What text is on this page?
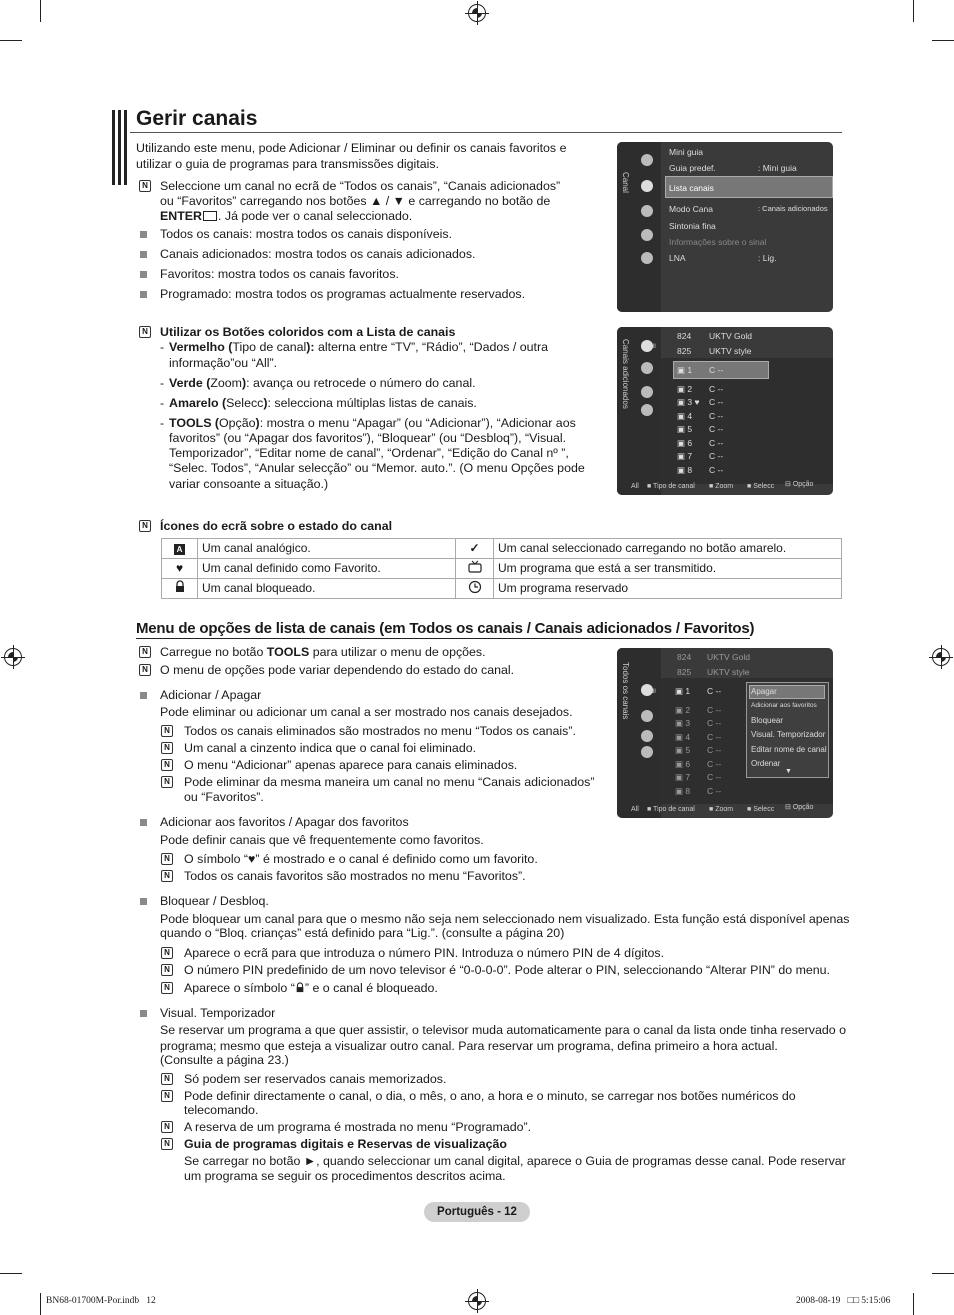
Gerir canais
Utilizando este menu, pode Adicionar / Eliminar ou definir os canais favoritos e
utilizar o guia de programas para transmissões digitais.
N
Seleccione um canal no ecrã de “Todos os canais”, “Canais adicionados”
ou “Favoritos” carregando nos botões ▲ / ▼ e carregando no botão de
ENTER . Já pode ver o canal seleccionado.
Todos os canais: mostra todos os canais disponíveis.
Canais adicionados: mostra todos os canais adicionados.
Favoritos: mostra todos os canais favoritos.
Programado: mostra todos os programas actualmente reservados.
Canal
Mini guia
Guia predef.	: Mini guia
Lista canais
Modo Cana	: Canais adicionados
Sintonia fina
Informações sobre o sinal
LNA	: Lig.
N
Utilizar os Botões coloridos com a Lista de canais
- Vermelho (Tipo de canal): alterna entre “TV”, “Rádio”, “Dados / outra
informação”ou “All”.
- Verde (Zoom): avança ou retrocede o número do canal.
- Amarelo (Selecc): selecciona múltiplas listas de canais.
- TOOLS (Opção): mostra o menu “Apagar” (ou “Adicionar”), “Adicionar aos
favoritos” (ou “Apagar dos favoritos”), “Bloquear” (ou “Desbloq”), “Visual.
Temporizador”, “Editar nome de canal”, “Ordenar”, “Edição do Canal nº ”,
“Selec. Todos”, “Anular selecção” ou “Memor. auto.”. (O menu Opções pode
variar consoante a situação.)
Canais adicionados	All
824 UKTV Gold
825 UKTV style
▣ 1 C --
▣ 2 C --
▣ 3 ♥ C --
▣ 4 C --
▣ 5 C --
▣ 6 C --
▣ 7 C --
▣ 8 C --
All ■ Tipo de canal ■ Zoom ■ Selecc ⊟ Opção
N
Ícones do ecrã sobre o estado do canal
A	Um canal analógico.	✓	Um canal seleccionado carregando no botão amarelo.
♥	Um canal definido como Favorito.		Um programa que está a ser transmitido.
	Um canal bloqueado.		Um programa reservado
Menu de opções de lista de canais (em Todos os canais / Canais adicionados / Favoritos)
N
Carregue no botão TOOLS para utilizar o menu de opções.
N
O menu de opções pode variar dependendo do estado do canal.
Adicionar / Apagar
Pode eliminar ou adicionar um canal a ser mostrado nos canais desejados.
N
Todos os canais eliminados são mostrados no menu “Todos os canais”.
N
Um canal a cinzento indica que o canal foi eliminado.
N
O menu “Adicionar” apenas aparece para canais eliminados.
N
Pode eliminar da mesma maneira um canal no menu “Canais adicionados”
ou “Favoritos”.
Todos os canais	All
824 UKTV Gold
825 UKTV style
▣ 1 C --
▣ 2 C --
▣ 3 C --
▣ 4 C --
▣ 5 C --
▣ 6 C --
▣ 7 C --
▣ 8 C --
Apagar
Adicionar aos favoritos
Bloquear
Visual. Temporizador
Editar nome de canal
Ordenar
▼
All ■ Tipo de canal ■ Zoom ■ Selecc ⊟ Opção
Adicionar aos favoritos / Apagar dos favoritos
Pode definir canais que vê frequentemente como favoritos.
N
O símbolo “♥” é mostrado e o canal é definido como um favorito.
N
Todos os canais favoritos são mostrados no menu “Favoritos”.
Bloquear / Desbloq.
Pode bloquear um canal para que o mesmo não seja nem seleccionado nem visualizado. Esta função está disponível apenas
quando o “Bloq. crianças” está definido para “Lig.”. (consulte a página 20)
N
Aparece o ecrã para que introduza o número PIN. Introduza o número PIN de 4 dígitos.
N
O número PIN predefinido de um novo televisor é “0-0-0-0”. Pode alterar o PIN, seleccionando “Alterar PIN” do menu.
N
Aparece o símbolo “ ” e o canal é bloqueado.
Visual. Temporizador
Se reservar um programa a que quer assistir, o televisor muda automaticamente para o canal da lista onde tinha reservado o
programa; mesmo que esteja a visualizar outro canal. Para reservar um programa, defina primeiro a hora actual.
(Consulte a página 23.)
N
Só podem ser reservados canais memorizados.
N
Pode definir directamente o canal, o dia, o mês, o ano, a hora e o minuto, se carregar nos botões numéricos do
telecomando.
N
A reserva de um programa é mostrada no menu “Programado”.
N
Guia de programas digitais e Reservas de visualização
Se carregar no botão ►, quando seleccionar um canal digital, aparece o Guia de programas desse canal. Pode reservar
um programa se seguir os procedimentos descritos acima.
Português - 12
BN68-01700M-Por.indb   12	2008-08-19   □□ 5:15:06
